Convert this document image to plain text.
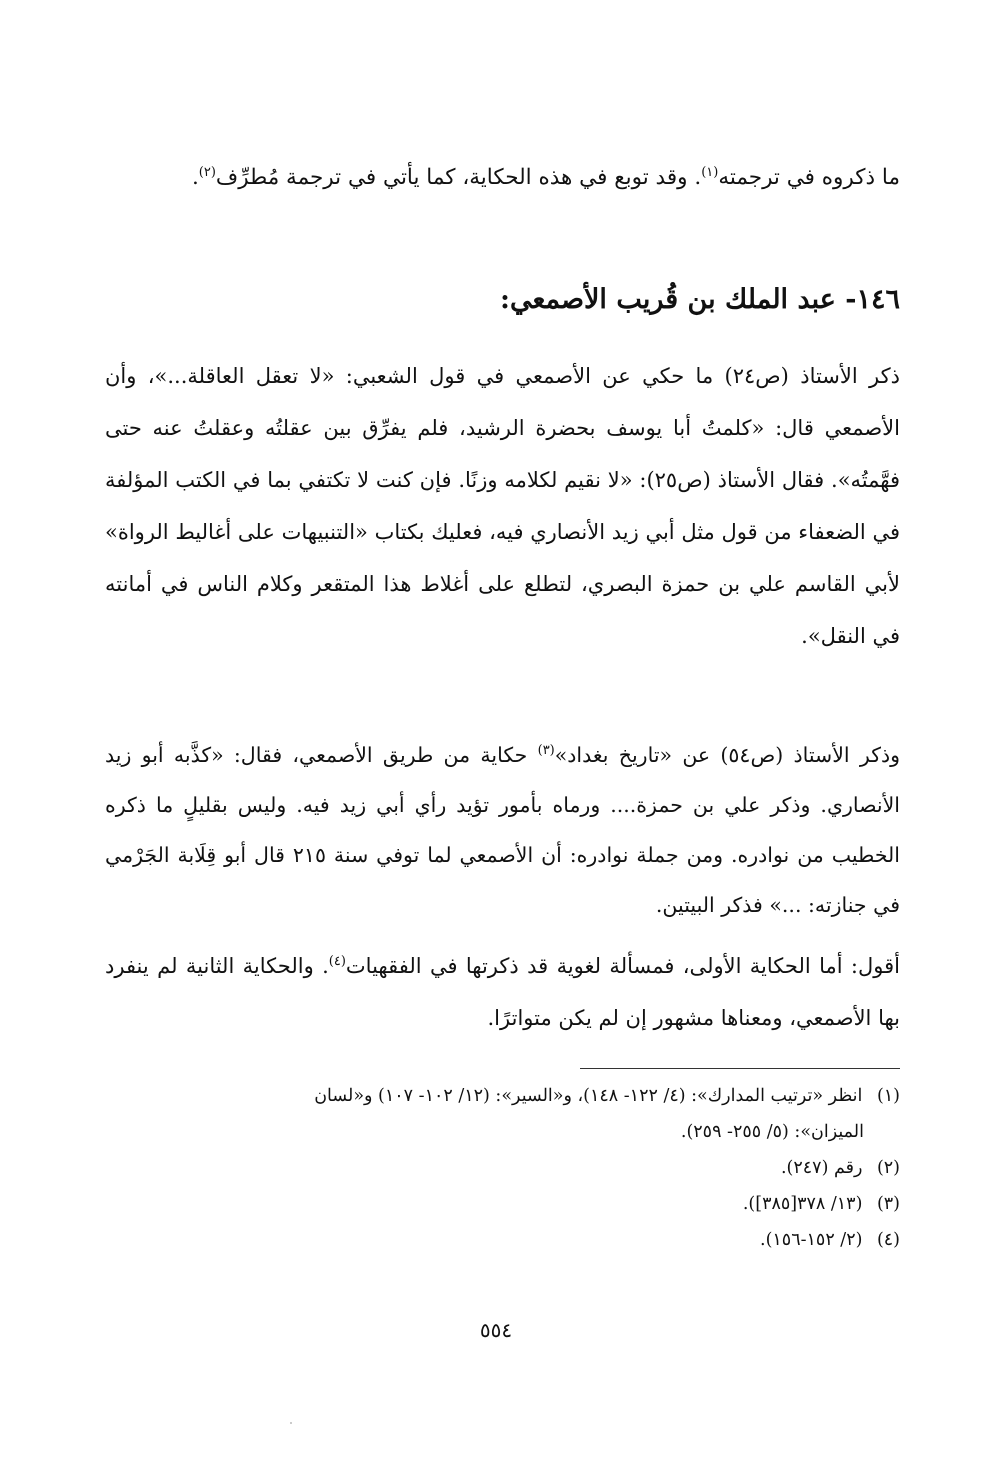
ما ذكروه في ترجمته$^{(١)}$. وقد توبع في هذه الحكاية، كما يأتي في ترجمة مُطرِّف$^{(٢)}$.

١٤٦- عبد الملك بن قُريب الأصمعي:

ذكر الأستاذ (ص٢٤) ما حكي عن الأصمعي في قول الشعبي: «لا تعقل العاقلة...»، وأن الأصمعي قال: «كلمتُ أبا يوسف بحضرة الرشيد، فلم يفرِّق بين عقلتُه وعقلتُ عنه حتى فهَّمتُه». فقال الأستاذ (ص٢٥): «لا نقيم لكلامه وزنًا. فإن كنت لا تكتفي بما في الكتب المؤلفة في الضعفاء من قول مثل أبي زيد الأنصاري فيه، فعليك بكتاب «التنبيهات على أغاليط الرواة» لأبي القاسم علي بن حمزة البصري، لتطلع على أغلاط هذا المتقعر وكلام الناس في أمانته في النقل».

وذكر الأستاذ (ص٥٤) عن «تاريخ بغداد»$^{(٣)}$ حكاية من طريق الأصمعي، فقال: «كذَّبه أبو زيد الأنصاري. وذكر علي بن حمزة.... ورماه بأمور تؤيد رأي أبي زيد فيه. وليس بقليلٍ ما ذكره الخطيب من نوادره. ومن جملة نوادره: أن الأصمعي لما توفي سنة ٢١٥ قال أبو قِلَابة الجَرْمي في جنازته: ...» فذكر البيتين.

أقول: أما الحكاية الأولى، فمسألة لغوية قد ذكرتها في الفقهيات$^{(٤)}$. والحكاية الثانية لم ينفرد بها الأصمعي، ومعناها مشهور إن لم يكن متواترًا.

(١) انظر «ترتيب المدارك»: (٤/ ١٢٢- ١٤٨)، و«السير»: (١٢/ ١٠٢- ١٠٧) و«لسان

الميزان»: (٥/ ٢٥٥- ٢٥٩).

(٢) رقم (٢٤٧).

(٣) (١٣/ ٣٧٨[٣٨٥]).

(٤) (٢/ ١٥٢-١٥٦).

٥٥٤
